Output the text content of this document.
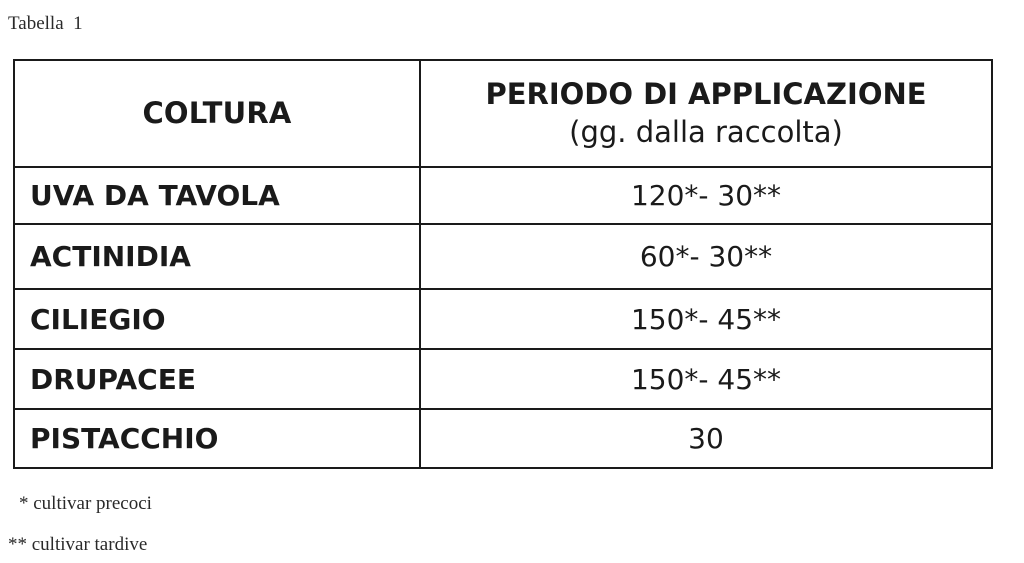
Tabella  1
COLTURA	PERIODO DI APPLICAZIONE
(gg. dalla raccolta)

UVA DA TAVOLA	120*- 30**
ACTINIDIA	60*- 30**
CILIEGIO	150*- 45**
DRUPACEE	150*- 45**
PISTACCHIO	30
* cultivar precoci
** cultivar tardive
